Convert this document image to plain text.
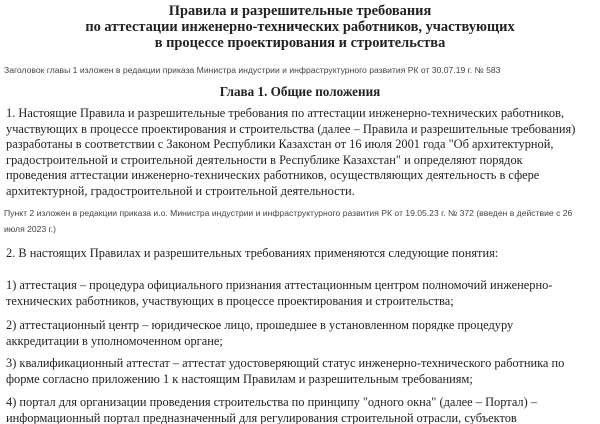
Правила и разрешительные требования
по аттестации инженерно-технических работников, участвующих
в процессе проектирования и строительства
Заголовок главы 1 изложен в редакции приказа Министра индустрии и инфраструктурного развития РК от 30.07.19 г. № 583
Глава 1. Общие положения
1. Настоящие Правила и разрешительные требования по аттестации инженерно-технических работников,
участвующих в процессе проектирования и строительства (далее – Правила и разрешительные требования)
разработаны в соответствии с Законом Республики Казахстан от 16 июля 2001 года "Об архитектурной,
градостроительной и строительной деятельности в Республике Казахстан" и определяют порядок
проведения аттестации инженерно-технических работников, осуществляющих деятельность в сфере
архитектурной, градостроительной и строительной деятельности.
Пункт 2 изложен в редакции приказа и.о. Министра индустрии и инфраструктурного развития РК от 19.05.23 г. № 372 (введен в действие с 26
июля 2023 г.)
2. В настоящих Правилах и разрешительных требованиях применяются следующие понятия:
1) аттестация – процедура официального признания аттестационным центром полномочий инженерно-
технических работников, участвующих в процессе проектирования и строительства;
2) аттестационный центр – юридическое лицо, прошедшее в установленном порядке процедуру
аккредитации в уполномоченном органе;
3) квалификационный аттестат – аттестат удостоверяющий статус инженерно-технического работника по
форме согласно приложению 1 к настоящим Правилам и разрешительным требованиям;
4) портал для организации проведения строительства по принципу "одного окна" (далее – Портал) –
информационный портал предназначенный для регулирования строительной отрасли, субъектов
